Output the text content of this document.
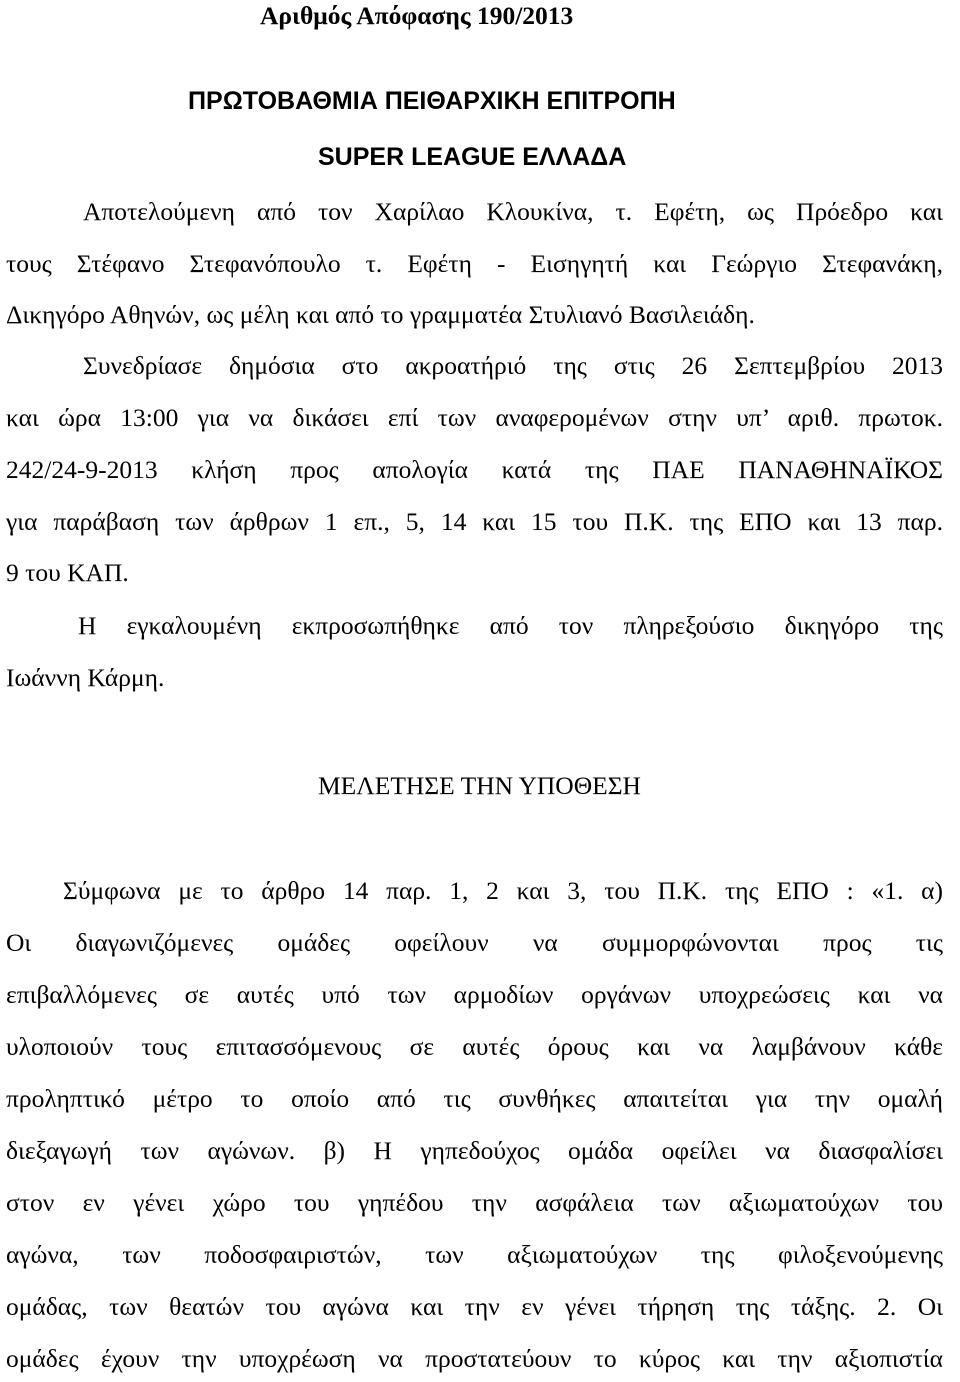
Αριθμός Απόφασης 190/2013
ΠΡΩΤΟΒΑΘΜΙΑ ΠΕΙΘΑΡΧΙΚΗ ΕΠΙΤΡΟΠΗ
SUPER LEAGUE ΕΛΛΑΔΑ
Αποτελούμενη από τον Χαρίλαο Κλουκίνα, τ. Εφέτη, ως Πρόεδρο και
τους Στέφανο Στεφανόπουλο τ. Εφέτη - Εισηγητή και Γεώργιο Στεφανάκη,
Δικηγόρο Αθηνών, ως μέλη και από το γραμματέα Στυλιανό Βασιλειάδη.
Συνεδρίασε δημόσια στο ακροατήριό της στις 26 Σεπτεμβρίου 2013
και ώρα 13:00 για να δικάσει επί των αναφερομένων στην υπ’ αριθ. πρωτοκ.
242/24-9-2013 κλήση προς απολογία κατά της ΠΑΕ ΠΑΝΑΘΗΝΑΪΚΟΣ
για παράβαση των άρθρων 1 επ., 5, 14 και 15 του Π.Κ. της ΕΠΟ και 13 παρ.
9 του ΚΑΠ.
Η εγκαλουμένη εκπροσωπήθηκε από τον πληρεξούσιο δικηγόρο της
Ιωάννη Κάρμη.
ΜΕΛΕΤΗΣΕ ΤΗΝ ΥΠΟΘΕΣΗ
Σύμφωνα με το άρθρο 14 παρ. 1, 2 και 3, του Π.Κ. της ΕΠΟ : «1. α)
Οι διαγωνιζόμενες ομάδες οφείλουν να συμμορφώνονται προς τις
επιβαλλόμενες σε αυτές υπό των αρμοδίων οργάνων υποχρεώσεις και να
υλοποιούν τους επιτασσόμενους σε αυτές όρους και να λαμβάνουν κάθε
προληπτικό μέτρο το οποίο από τις συνθήκες απαιτείται για την ομαλή
διεξαγωγή των αγώνων. β) Η γηπεδούχος ομάδα οφείλει να διασφαλίσει
στον εν γένει χώρο του γηπέδου την ασφάλεια των αξιωματούχων του
αγώνα, των ποδοσφαιριστών, των αξιωματούχων της φιλοξενούμενης
ομάδας, των θεατών του αγώνα και την εν γένει τήρηση της τάξης. 2. Οι
ομάδες έχουν την υποχρέωση να προστατεύουν το κύρος και την αξιοπιστία
